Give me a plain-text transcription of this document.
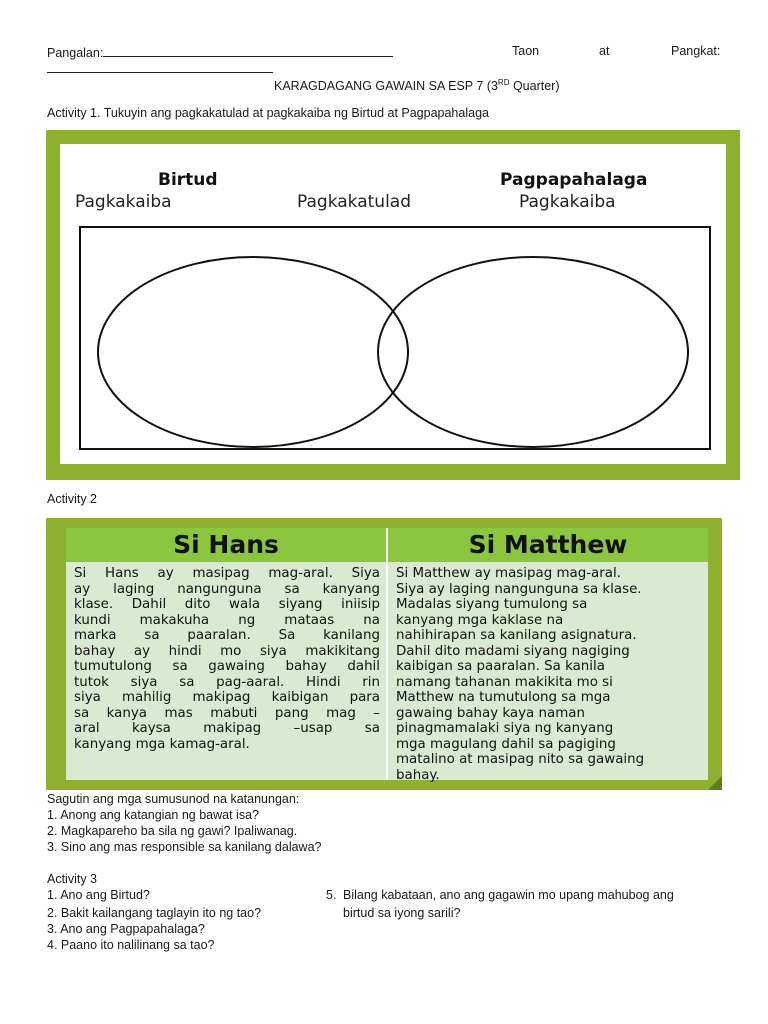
Pangalan:	Taon	at	Pangkat:
KARAGDAGANG GAWAIN SA ESP 7 (3RD Quarter)
Activity 1. Tukuyin ang pagkakatulad at pagkakaiba ng Birtud at Pagpapahalaga
Birtud	Pagpapahalaga
Pagkakaiba	Pagkakatulad	Pagkakaiba
Activity 2
Si Hans	Si Matthew
Si Hans ay masipag mag-aral. Siya
ay laging nangunguna sa kanyang
klase. Dahil dito wala siyang iniisip
kundi makakuha ng mataas na
marka sa paaralan. Sa kanilang
bahay ay hindi mo siya makikitang
tumutulong sa gawaing bahay dahil
tutok siya sa pag-aaral. Hindi rin
siya mahilig makipag kaibigan para
sa kanya mas mabuti pang mag –
aral kaysa makipag –usap sa
kanyang mga kamag-aral.
Si Matthew ay masipag mag-aral.
Siya ay laging nangunguna sa klase.
Madalas siyang tumulong sa
kanyang mga kaklase na
nahihirapan sa kanilang asignatura.
Dahil dito madami siyang nagiging
kaibigan sa paaralan. Sa kanila
namang tahanan makikita mo si
Matthew na tumutulong sa mga
gawaing bahay kaya naman
pinagmamalaki siya ng kanyang
mga magulang dahil sa pagiging
matalino at masipag nito sa gawaing
bahay.
Sagutin ang mga sumusunod na katanungan:
1. Anong ang katangian ng bawat isa?
2. Magkapareho ba sila ng gawi? Ipaliwanag.
3. Sino ang mas responsible sa kanilang dalawa?
Activity 3
1. Ano ang Birtud?
2. Bakit kailangang taglayin ito ng tao?
3. Ano ang Pagpapahalaga?
4. Paano ito nalilinang sa tao?
5. Bilang kabataan, ano ang gagawin mo upang mahubog ang
birtud sa iyong sarili?
